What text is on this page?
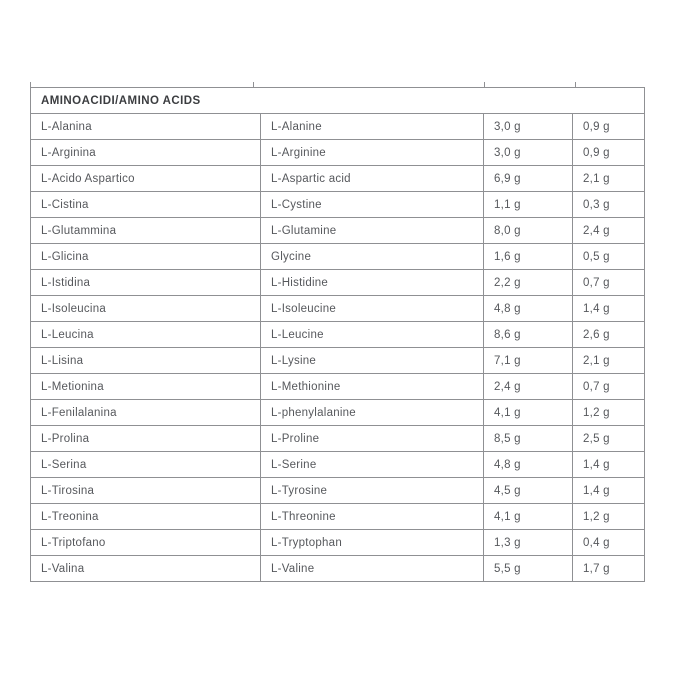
AMINOACIDI/AMINO ACIDS			
L-Alanina	L-Alanine	3,0 g	0,9 g
L-Arginina	L-Arginine	3,0 g	0,9 g
L-Acido Aspartico	L-Aspartic acid	6,9 g	2,1 g
L-Cistina	L-Cystine	1,1 g	0,3 g
L-Glutammina	L-Glutamine	8,0 g	2,4 g
L-Glicina	Glycine	1,6 g	0,5 g
L-Istidina	L-Histidine	2,2 g	0,7 g
L-Isoleucina	L-Isoleucine	4,8 g	1,4 g
L-Leucina	L-Leucine	8,6 g	2,6 g
L-Lisina	L-Lysine	7,1 g	2,1 g
L-Metionina	L-Methionine	2,4 g	0,7 g
L-Fenilalanina	L-phenylalanine	4,1 g	1,2 g
L-Prolina	L-Proline	8,5 g	2,5 g
L-Serina	L-Serine	4,8 g	1,4 g
L-Tirosina	L-Tyrosine	4,5 g	1,4 g
L-Treonina	L-Threonine	4,1 g	1,2 g
L-Triptofano	L-Tryptophan	1,3 g	0,4 g
L-Valina	L-Valine	5,5 g	1,7 g
